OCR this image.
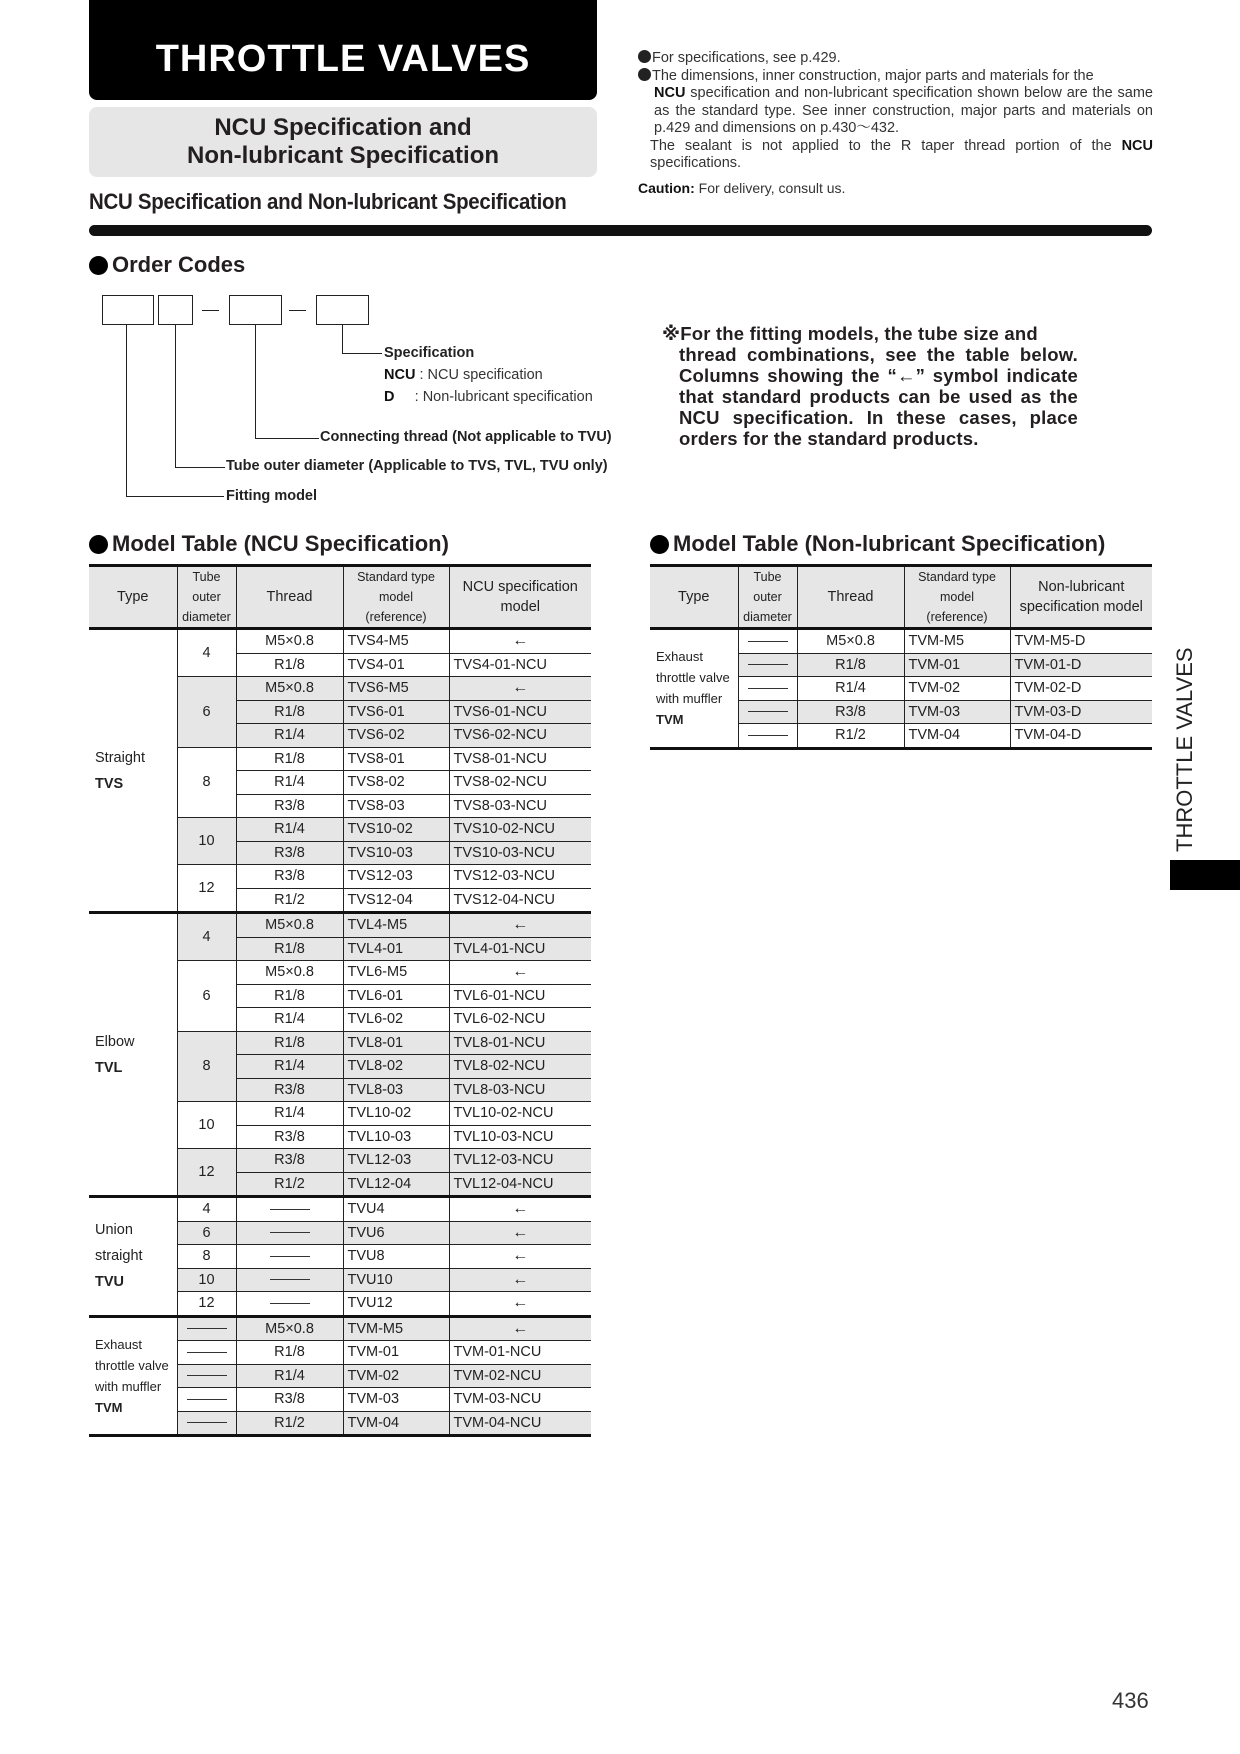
THROTTLE VALVES
NCU Specification and
Non-lubricant Specification
NCU Specification and Non-lubricant Specification

For specifications, see p.429.

The dimensions, inner construction, major parts and materials for the

NCU specification and non-lubricant specification shown below are the same as the standard type. See inner construction, major parts and materials on p.429 and dimensions on p.430～432.

The sealant is not applied to the R taper thread portion of the NCU specifications.

Caution: For delivery, consult us.

Order Codes
Specification
NCU : NCU specification
D : Non-lubricant specification
Connecting thread (Not applicable to TVU)
Tube outer diameter (Applicable to TVS, TVL, TVU only)
Fitting model

※For the fitting models, the tube size and

thread combinations, see the table below. Columns showing the “←” symbol indicate that standard products can be used as the NCU specification. In these cases, place orders for the standard products.

Model Table (NCU Specification)
Type	
Tube outer
diameter
	Thread	
Standard type model
(reference)

NCU specification
model

Straight
TVS	4	M5×0.8	TVS4-M5	←
		R1/8	TVS4-01	TVS4-01-NCU
	6	M5×0.8	TVS6-M5	←
		R1/8	TVS6-01	TVS6-01-NCU
		R1/4	TVS6-02	TVS6-02-NCU
	8	R1/8	TVS8-01	TVS8-01-NCU
		R1/4	TVS8-02	TVS8-02-NCU
		R3/8	TVS8-03	TVS8-03-NCU
	10	R1/4	TVS10-02	TVS10-02-NCU
		R3/8	TVS10-03	TVS10-03-NCU
	12	R3/8	TVS12-03	TVS12-03-NCU
		R1/2	TVS12-04	TVS12-04-NCU

Elbow
TVL	4	M5×0.8	TVL4-M5	←
		R1/8	TVL4-01	TVL4-01-NCU
	6	M5×0.8	TVL6-M5	←
		R1/8	TVL6-01	TVL6-01-NCU
		R1/4	TVL6-02	TVL6-02-NCU
	8	R1/8	TVL8-01	TVL8-01-NCU
		R1/4	TVL8-02	TVL8-02-NCU
		R3/8	TVL8-03	TVL8-03-NCU
	10	R1/4	TVL10-02	TVL10-02-NCU
		R3/8	TVL10-03	TVL10-03-NCU
	12	R3/8	TVL12-03	TVL12-03-NCU
		R1/2	TVL12-04	TVL12-04-NCU

Union
straight
TVU	4		TVU4	←
	6		TVU6	←
	8		TVU8	←
	10		TVU10	←
	12		TVU12	←

Exhaust
throttle valve
with muffler
TVM		M5×0.8	TVM-M5	←
		R1/8	TVM-01	TVM-01-NCU
		R1/4	TVM-02	TVM-02-NCU
		R3/8	TVM-03	TVM-03-NCU
		R1/2	TVM-04	TVM-04-NCU
Model Table (Non-lubricant Specification)
Type	
Tube outer
diameter
	Thread	
Standard type model
(reference)

Non-lubricant
specification model

Exhaust
throttle valve
with muffler
TVM		M5×0.8	TVM-M5	TVM-M5-D
		R1/8	TVM-01	TVM-01-D
		R1/4	TVM-02	TVM-02-D
		R3/8	TVM-03	TVM-03-D
		R1/2	TVM-04	TVM-04-D	THROTTLE VALVES
436
